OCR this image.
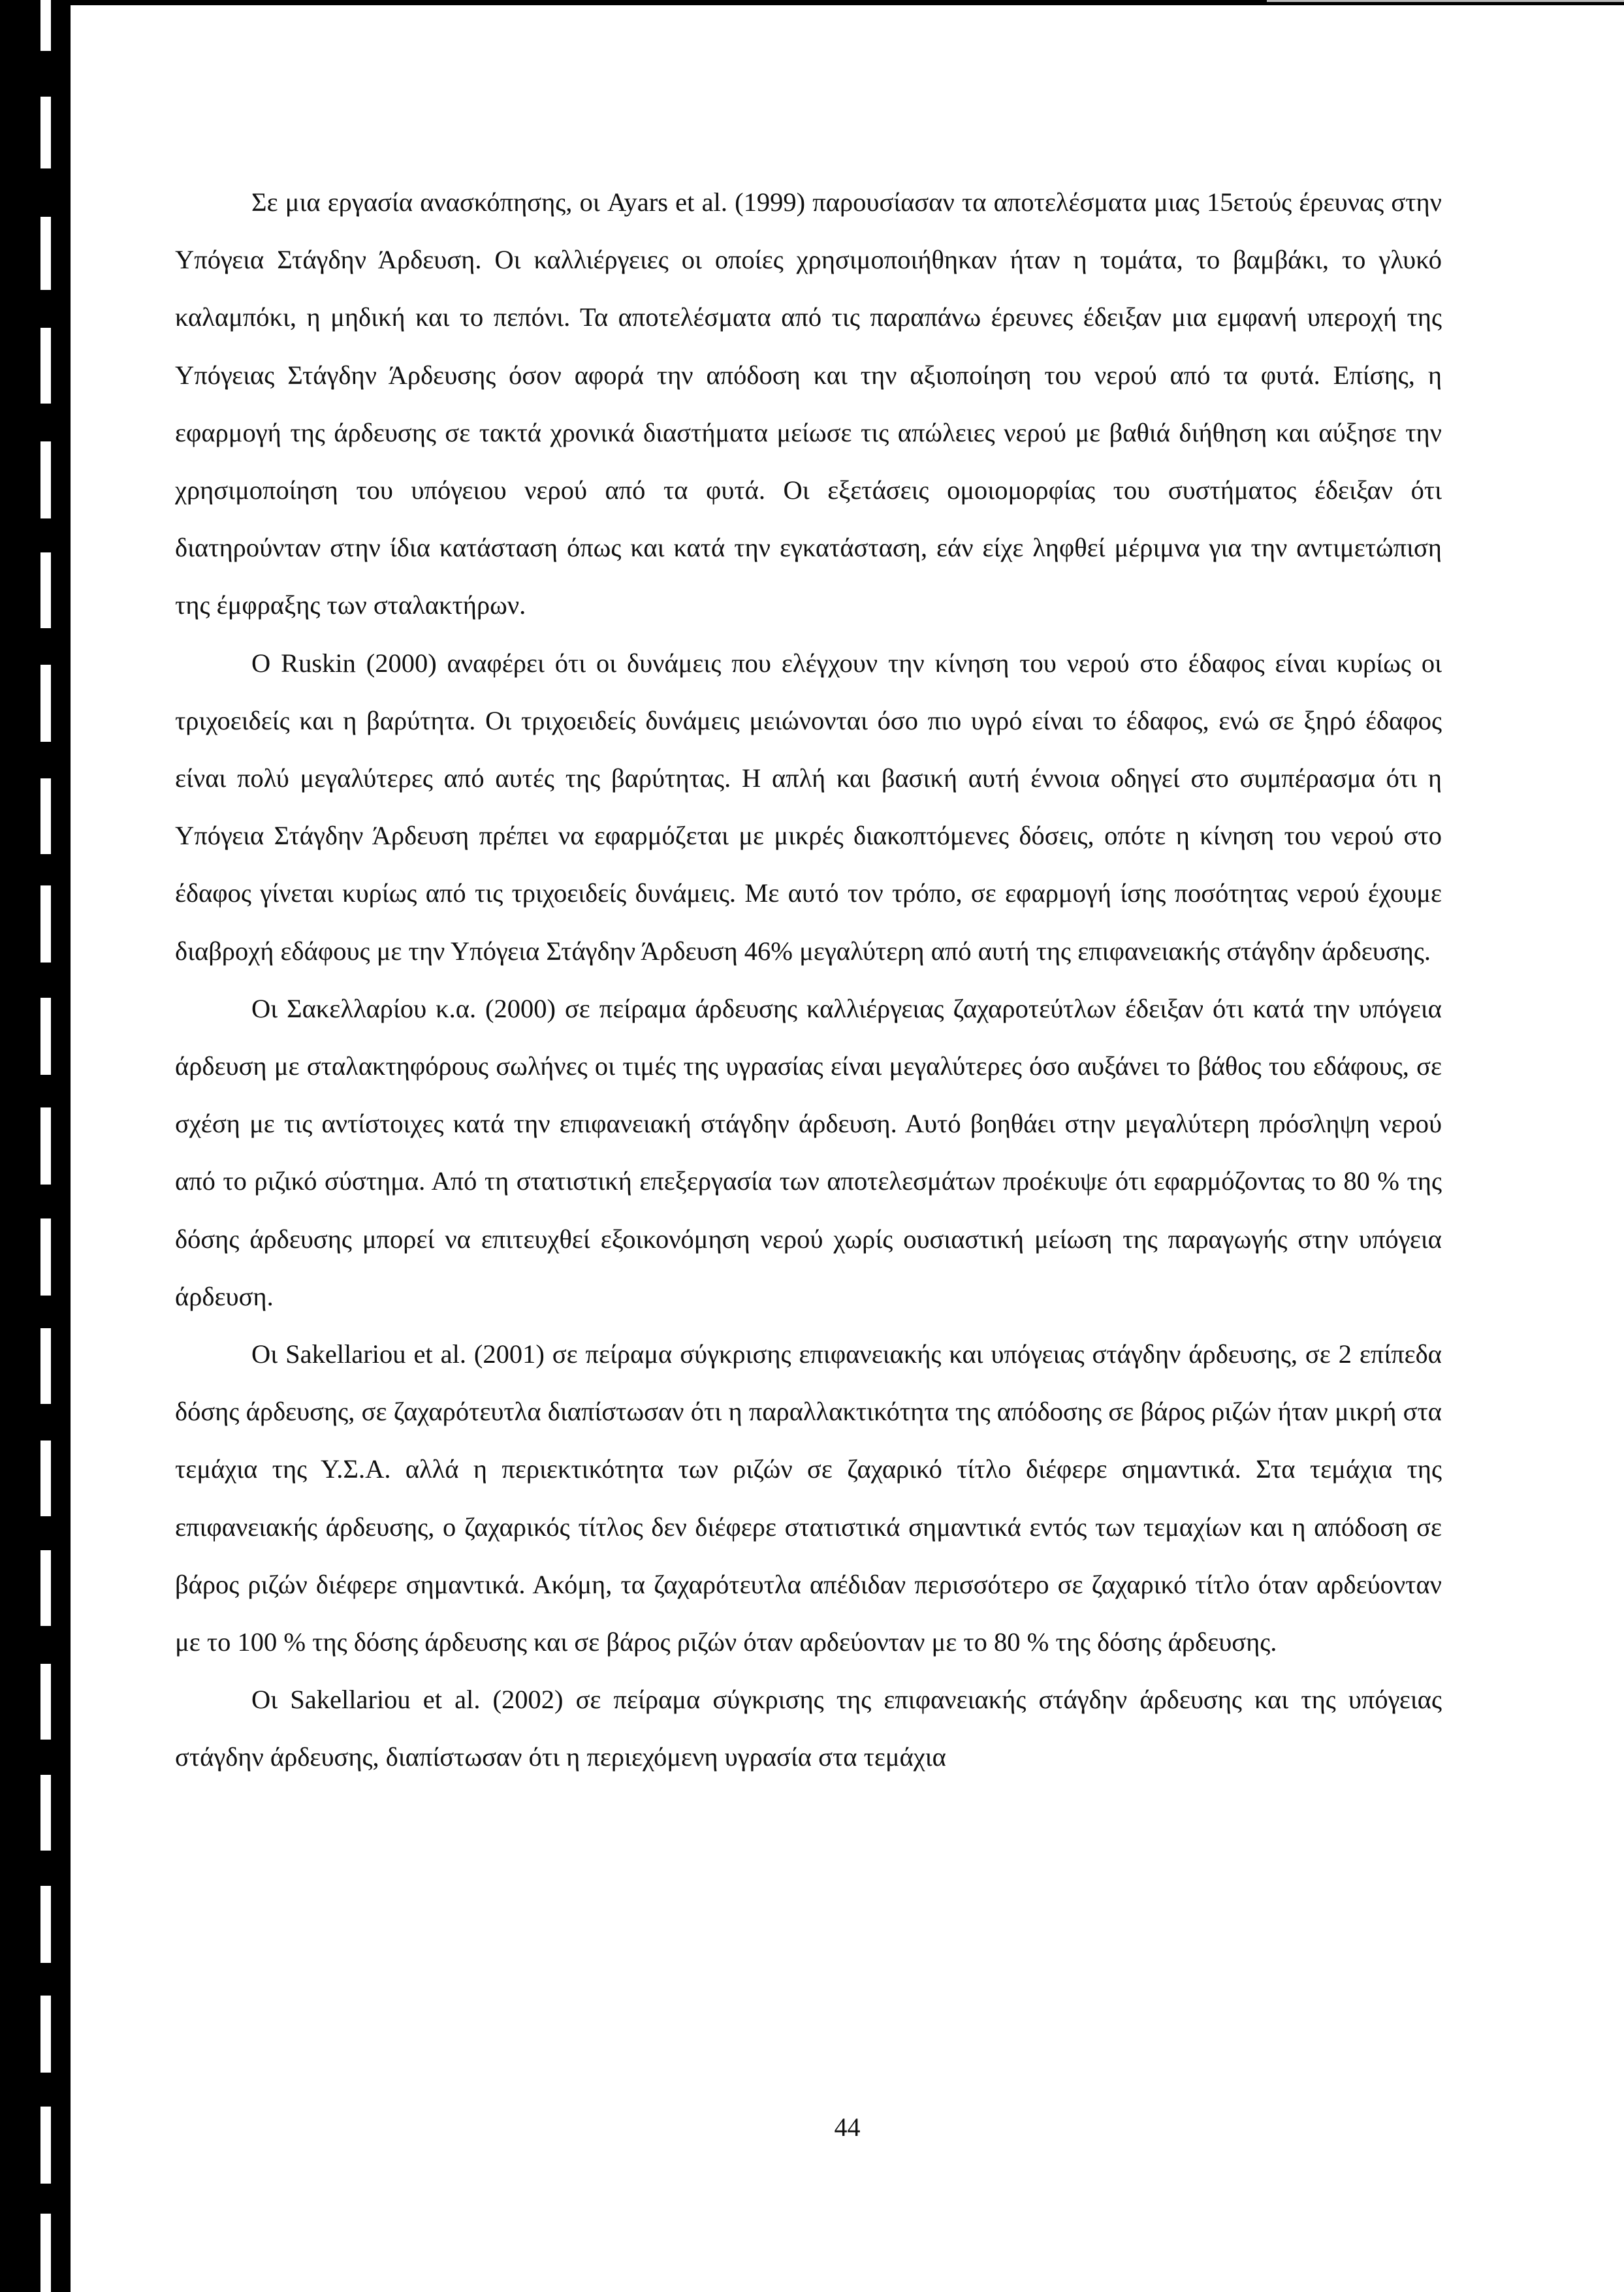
Σε μια εργασία ανασκόπησης, οι Ayars et al. (1999) παρουσίασαν τα αποτελέσματα μιας 15ετούς έρευνας στην Υπόγεια Στάγδην Άρδευση. Οι καλλιέργειες οι οποίες χρησιμοποιήθηκαν ήταν η τομάτα, το βαμβάκι, το γλυκό καλαμπόκι, η μηδική και το πεπόνι. Τα αποτελέσματα από τις παραπάνω έρευνες έδειξαν μια εμφανή υπεροχή της Υπόγειας Στάγδην Άρδευσης όσον αφορά την απόδοση και την αξιοποίηση του νερού από τα φυτά. Επίσης, η εφαρμογή της άρδευσης σε τακτά χρονικά διαστήματα μείωσε τις απώλειες νερού με βαθιά διήθηση και αύξησε την χρησιμοποίηση του υπόγειου νερού από τα φυτά. Οι εξετάσεις ομοιομορφίας του συστήματος έδειξαν ότι διατηρούνταν στην ίδια κατάσταση όπως και κατά την εγκατάσταση, εάν είχε ληφθεί μέριμνα για την αντιμετώπιση της έμφραξης των σταλακτήρων.

Ο Ruskin (2000) αναφέρει ότι οι δυνάμεις που ελέγχουν την κίνηση του νερού στο έδαφος είναι κυρίως οι τριχοειδείς και η βαρύτητα. Οι τριχοειδείς δυνάμεις μειώνονται όσο πιο υγρό είναι το έδαφος, ενώ σε ξηρό έδαφος είναι πολύ μεγαλύτερες από αυτές της βαρύτητας. Η απλή και βασική αυτή έννοια οδηγεί στο συμπέρασμα ότι η Υπόγεια Στάγδην Άρδευση πρέπει να εφαρμόζεται με μικρές διακοπτόμενες δόσεις, οπότε η κίνηση του νερού στο έδαφος γίνεται κυρίως από τις τριχοειδείς δυνάμεις. Με αυτό τον τρόπο, σε εφαρμογή ίσης ποσότητας νερού έχουμε διαβροχή εδάφους με την Υπόγεια Στάγδην Άρδευση 46% μεγαλύτερη από αυτή της επιφανειακής στάγδην άρδευσης.

Οι Σακελλαρίου κ.α. (2000) σε πείραμα άρδευσης καλλιέργειας ζαχαροτεύτλων έδειξαν ότι κατά την υπόγεια άρδευση με σταλακτηφόρους σωλήνες οι τιμές της υγρασίας είναι μεγαλύτερες όσο αυξάνει το βάθος του εδάφους, σε σχέση με τις αντίστοιχες κατά την επιφανειακή στάγδην άρδευση. Αυτό βοηθάει στην μεγαλύτερη πρόσληψη νερού από το ριζικό σύστημα. Από τη στατιστική επεξεργασία των αποτελεσμάτων προέκυψε ότι εφαρμόζοντας το 80 % της δόσης άρδευσης μπορεί να επιτευχθεί εξοικονόμηση νερού χωρίς ουσιαστική μείωση της παραγωγής στην υπόγεια άρδευση.

Οι Sakellariou et al. (2001) σε πείραμα σύγκρισης επιφανειακής και υπόγειας στάγδην άρδευσης, σε 2 επίπεδα δόσης άρδευσης, σε ζαχαρότευτλα διαπίστωσαν ότι η παραλλακτικότητα της απόδοσης σε βάρος ριζών ήταν μικρή στα τεμάχια της Υ.Σ.Α. αλλά η περιεκτικότητα των ριζών σε ζαχαρικό τίτλο διέφερε σημαντικά. Στα τεμάχια της επιφανειακής άρδευσης, ο ζαχαρικός τίτλος δεν διέφερε στατιστικά σημαντικά εντός των τεμαχίων και η απόδοση σε βάρος ριζών διέφερε σημαντικά. Ακόμη, τα ζαχαρότευτλα απέδιδαν περισσότερο σε ζαχαρικό τίτλο όταν αρδεύονταν με το 100 % της δόσης άρδευσης και σε βάρος ριζών όταν αρδεύονταν με το 80 % της δόσης άρδευσης.

Οι Sakellariou et al. (2002) σε πείραμα σύγκρισης της επιφανειακής στάγδην άρδευσης και της υπόγειας στάγδην άρδευσης, διαπίστωσαν ότι η περιεχόμενη υγρασία στα τεμάχια

44
